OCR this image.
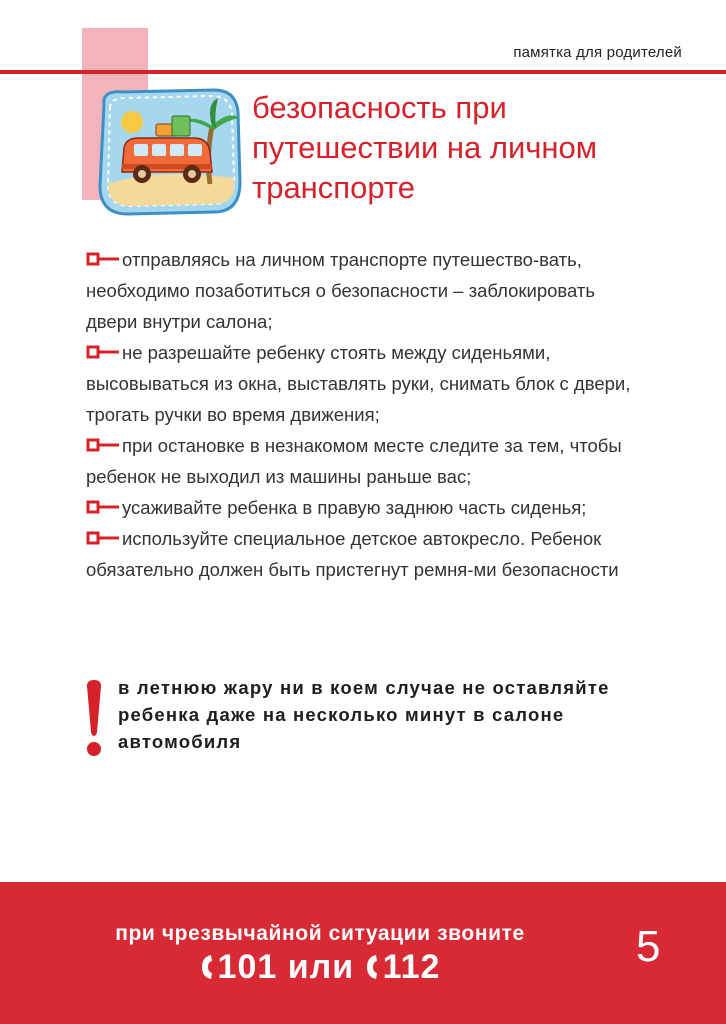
памятка для родителей
безопасность при
путешествии на личном
транспорте

отправляясь на личном транспорте путешество-вать, необходимо позаботиться о безопасности – заблокировать двери внутри салона;

не разрешайте ребенку стоять между сиденьями, высовываться из окна, выставлять руки, снимать блок с двери, трогать ручки во время движения;

при остановке в незнакомом месте следите за тем, чтобы ребенок не выходил из машины раньше вас;

усаживайте ребенка в правую заднюю часть сиденья;

используйте специальное детское автокресло. Ребенок обязательно должен быть пристегнут ремня-ми безопасности

в летнюю жару ни в коем случае не оставляйте ребенка даже на несколько минут в салоне автомобиля
при чрезвычайной ситуации звоните
101 или 112	5
